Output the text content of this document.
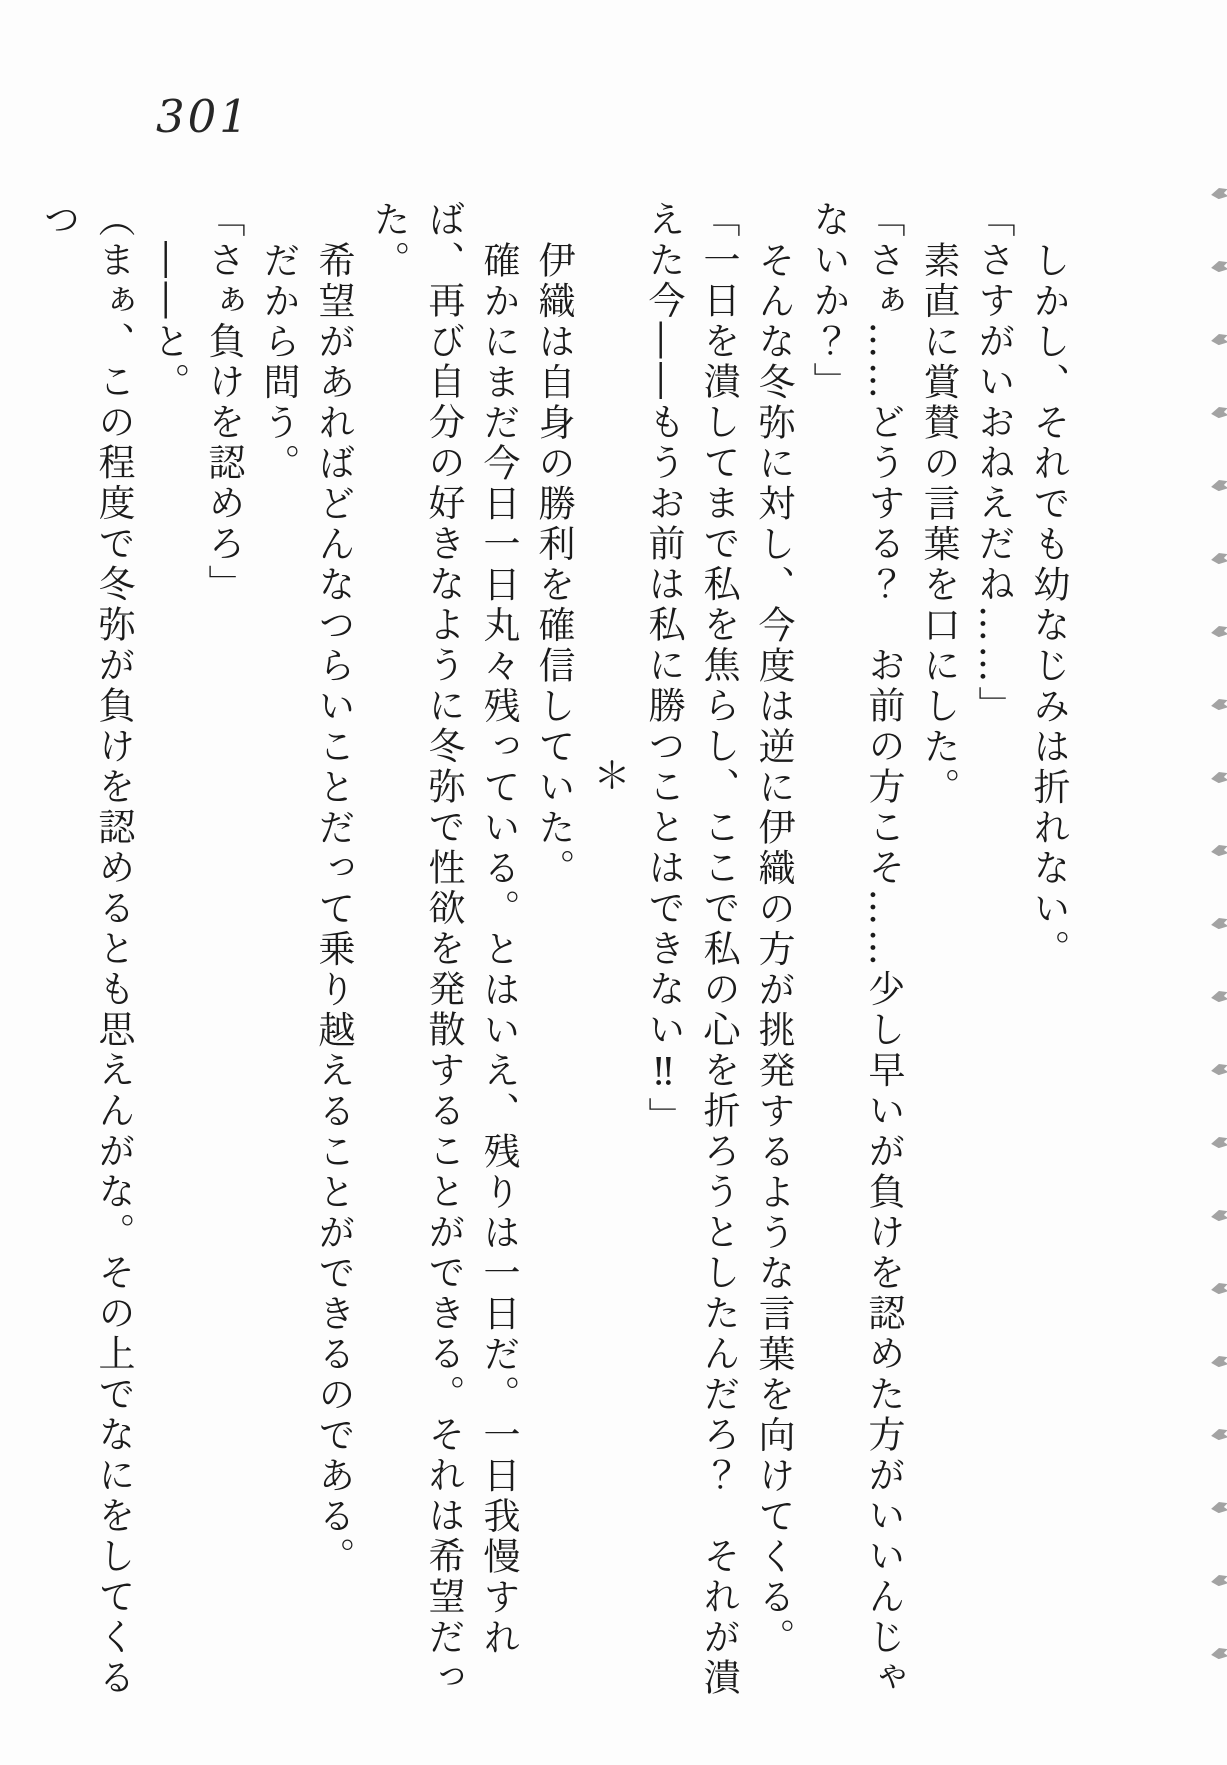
301

しかし、それでも幼なじみは折れない。

「さすがいおねえだね……」

素直に賞賛の言葉を口にした。

「さぁ……どうする？　お前の方こそ……少し早いが負けを認めた方がいいんじゃないか？」

そんな冬弥に対し、今度は逆に伊織の方が挑発するような言葉を向けてくる。

「一日を潰してまで私を焦らし、ここで私の心を折ろうとしたんだろ？　それが潰えた今――もうお前は私に勝つことはできない‼」

＊

伊織は自身の勝利を確信していた。

確かにまだ今日一日丸々残っている。とはいえ、残りは一日だ。一日我慢すれば、再び自分の好きなように冬弥で性欲を発散することができる。それは希望だった。

希望があればどんなつらいことだって乗り越えることができるのである。

だから問う。

「さぁ負けを認めろ」

――と。

（まぁ、この程度で冬弥が負けを認めるとも思えんがな。その上でなにをしてくるつ
